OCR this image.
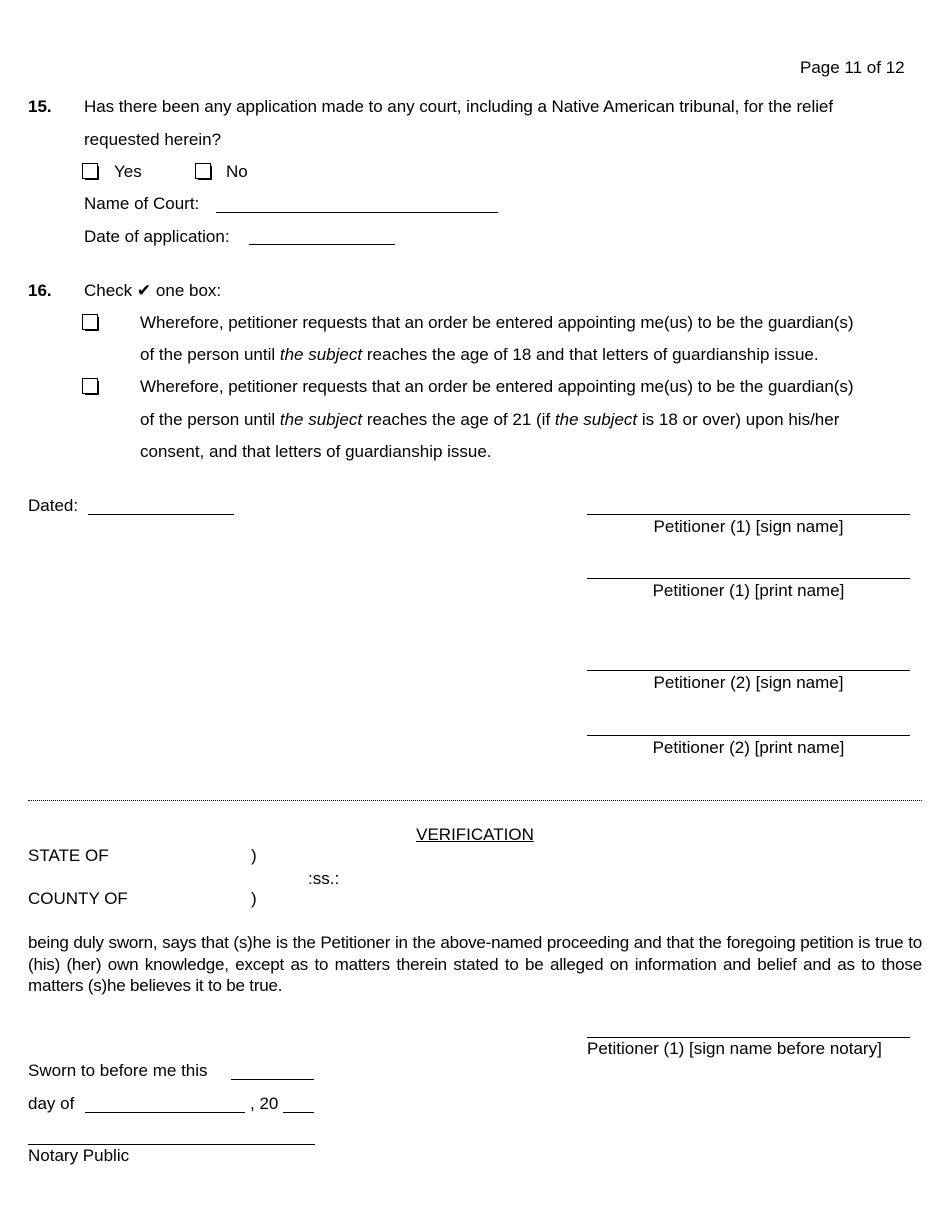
Page 11 of 12
15. Has there been any application made to any court, including a Native American tribunal, for the relief
requested herein?
Yes	No
Name of Court:
Date of application:
16. Check ✔ one box:
Wherefore, petitioner requests that an order be entered appointing me(us) to be the guardian(s)
of the person until the subject reaches the age of 18 and that letters of guardianship issue.
Wherefore, petitioner requests that an order be entered appointing me(us) to be the guardian(s)
of the person until the subject reaches the age of 21 (if the subject is 18 or over) upon his/her
consent, and that letters of guardianship issue.
Dated:
Petitioner (1) [sign name]
Petitioner (1) [print name]
Petitioner (2) [sign name]
Petitioner (2) [print name]
VERIFICATION
STATE OF	)
:ss.:
COUNTY OF	)
being duly sworn, says that (s)he is the Petitioner in the above-named proceeding and that the foregoing petition is true to (his) (her) own knowledge, except as to matters therein stated to be alleged on information and belief and as to those matters (s)he believes it to be true.
Petitioner (1) [sign name before notary]
Sworn to before me this
day of	, 20
Notary Public
